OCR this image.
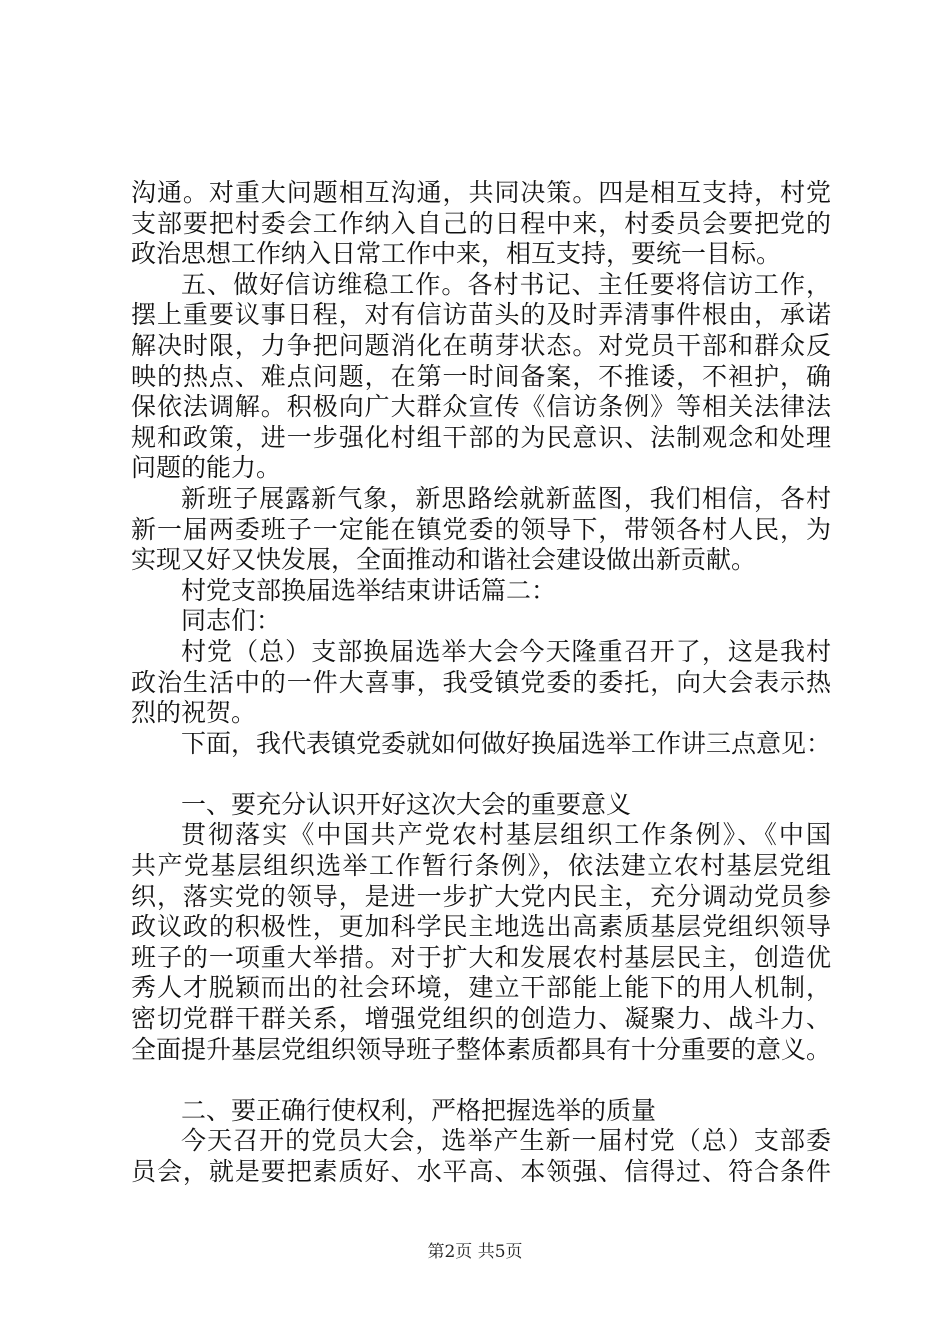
沟通。对重大问题相互沟通，共同决策。四是相互支持，村党
支部要把村委会工作纳入自己的日程中来，村委员会要把党的
政治思想工作纳入日常工作中来，相互支持，要统一目标。
五、做好信访维稳工作。各村书记、主任要将信访工作，
摆上重要议事日程，对有信访苗头的及时弄清事件根由，承诺
解决时限，力争把问题消化在萌芽状态。对党员干部和群众反
映的热点、难点问题，在第一时间备案，不推诿，不袒护，确
保依法调解。积极向广大群众宣传《信访条例》等相关法律法
规和政策，进一步强化村组干部的为民意识、法制观念和处理
问题的能力。
新班子展露新气象，新思路绘就新蓝图，我们相信，各村
新一届两委班子一定能在镇党委的领导下，带领各村人民，为
实现又好又快发展，全面推动和谐社会建设做出新贡献。
村党支部换届选举结束讲话篇二：
同志们：
村党（总）支部换届选举大会今天隆重召开了，这是我村
政治生活中的一件大喜事，我受镇党委的委托，向大会表示热
烈的祝贺。
下面，我代表镇党委就如何做好换届选举工作讲三点意见：
一、要充分认识开好这次大会的重要意义
贯彻落实《中国共产党农村基层组织工作条例》、《中国
共产党基层组织选举工作暂行条例》，依法建立农村基层党组
织，落实党的领导，是进一步扩大党内民主，充分调动党员参
政议政的积极性，更加科学民主地选出高素质基层党组织领导
班子的一项重大举措。对于扩大和发展农村基层民主，创造优
秀人才脱颖而出的社会环境，建立干部能上能下的用人机制，
密切党群干群关系，增强党组织的创造力、凝聚力、战斗力、
全面提升基层党组织领导班子整体素质都具有十分重要的意义。
二、要正确行使权利，严格把握选举的质量
今天召开的党员大会，选举产生新一届村党（总）支部委
员会，就是要把素质好、水平高、本领强、信得过、符合条件
第2页 共5页
